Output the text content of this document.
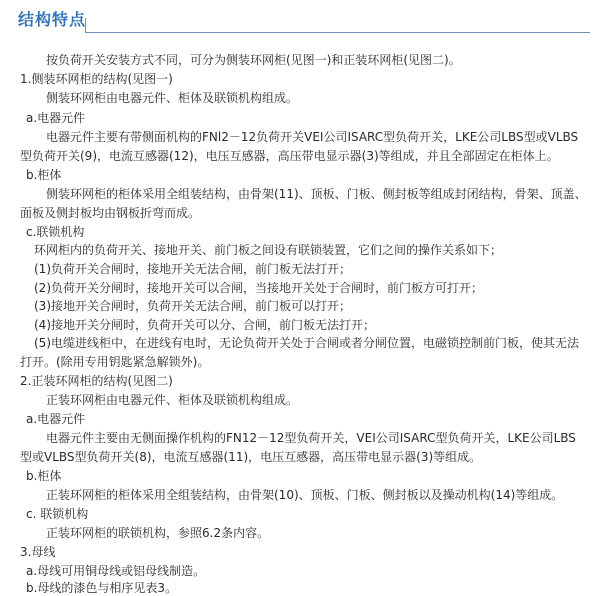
结构特点
按负荷开关安装方式不同，可分为侧装环网柜(见图一)和正装环网柜(见图二)。
1.侧装环网柜的结构(见图一)
侧装环网柜由电器元件、柜体及联锁机构组成。
a.电器元件
电器元件主要有带侧面机构的FNl2－12负荷开关VEI公司ISARC型负荷开关，LKE公司LBS型或VLBS
型负荷开关(9)，电流互感器(12)，电压互感器，高压带电显示器(3)等组成，并且全部固定在柜体上。
b.柜体
侧装环网柜的柜体采用全组装结构，由骨架(11)、顶板、门板、侧封板等组成封闭结构，骨架、顶盖、
面板及侧封板均由钢板折弯而成。
c.联锁机构
环网柜内的负荷开关、接地开关、前门板之间设有联锁装置，它们之间的操作关系如下；
(1)负荷开关合闸时，接地开关无法合闸，前门板无法打开；
(2)负荷开关分闸时，接地开关可以合闸，当接地开关处于合闸时，前门板方可打开；
(3)接地开关合闸时，负荷开关无法合闸，前门板可以打开；
(4)接地开关分闸时，负荷开关可以分、合闸，前门板无法打开；
(5)电缆进线柜中，在进线有电时，无论负荷开关处于合闸或者分闸位置，电磁锁控制前门板，使其无法
打开。(除用专用钥匙紧急解锁外)。
2.正装环网柜的结构(见图二)
正装环网柜由电器元件、柜体及联锁机构组成。
a.电器元件
电器元件主要由无侧面操作机构的FN12－12型负荷开关，VEI公司ISARC型负荷开关，LKE公司LBS
型或VLBS型负荷开关(8)，电流互感器(11)，电压互感器，高压带电显示器(3)等组成。
b.柜体
正装环网柜的柜体采用全组装结构，由骨架(10)、顶板、门板、侧封板以及操动机构(14)等组成。
c. 联锁机构
正装环网柜的联锁机构，参照6.2条内容。
3.母线
a.母线可用铜母线或铝母线制造。
b.母线的漆色与相序见表3。
